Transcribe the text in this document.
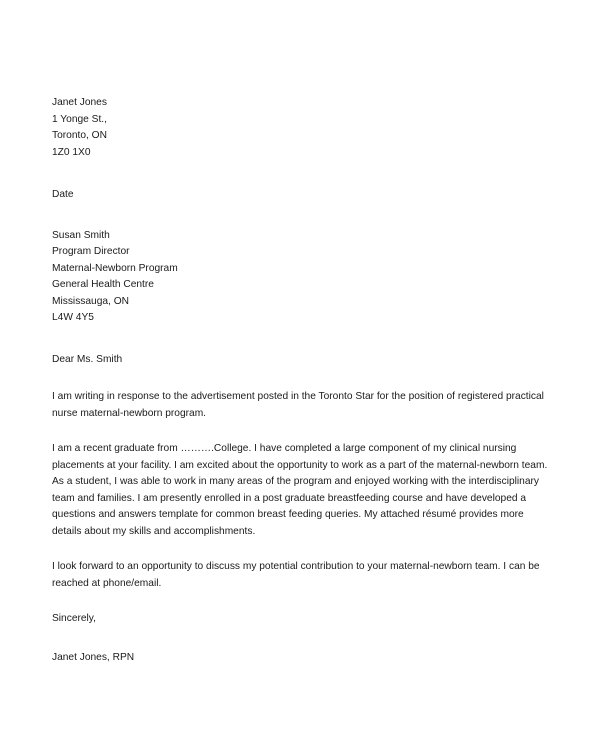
Janet Jones
1 Yonge St.,
Toronto, ON
1Z0 1X0
Date
Susan Smith
Program Director
Maternal-Newborn Program
General Health Centre
Mississauga, ON
L4W 4Y5
Dear Ms. Smith

I am writing in response to the advertisement posted in the Toronto Star for the position of registered practical nurse maternal-newborn program.

I am a recent graduate from ……….College. I have completed a large component of my clinical nursing placements at your facility. I am excited about the opportunity to work as a part of the maternal-newborn team. As a student, I was able to work in many areas of the program and enjoyed working with the interdisciplinary team and families. I am presently enrolled in a post graduate breastfeeding course and have developed a questions and answers template for common breast feeding queries. My attached résumé provides more details about my skills and accomplishments.

I look forward to an opportunity to discuss my potential contribution to your maternal-newborn team. I can be reached at phone/email.

Sincerely,
Janet Jones, RPN
